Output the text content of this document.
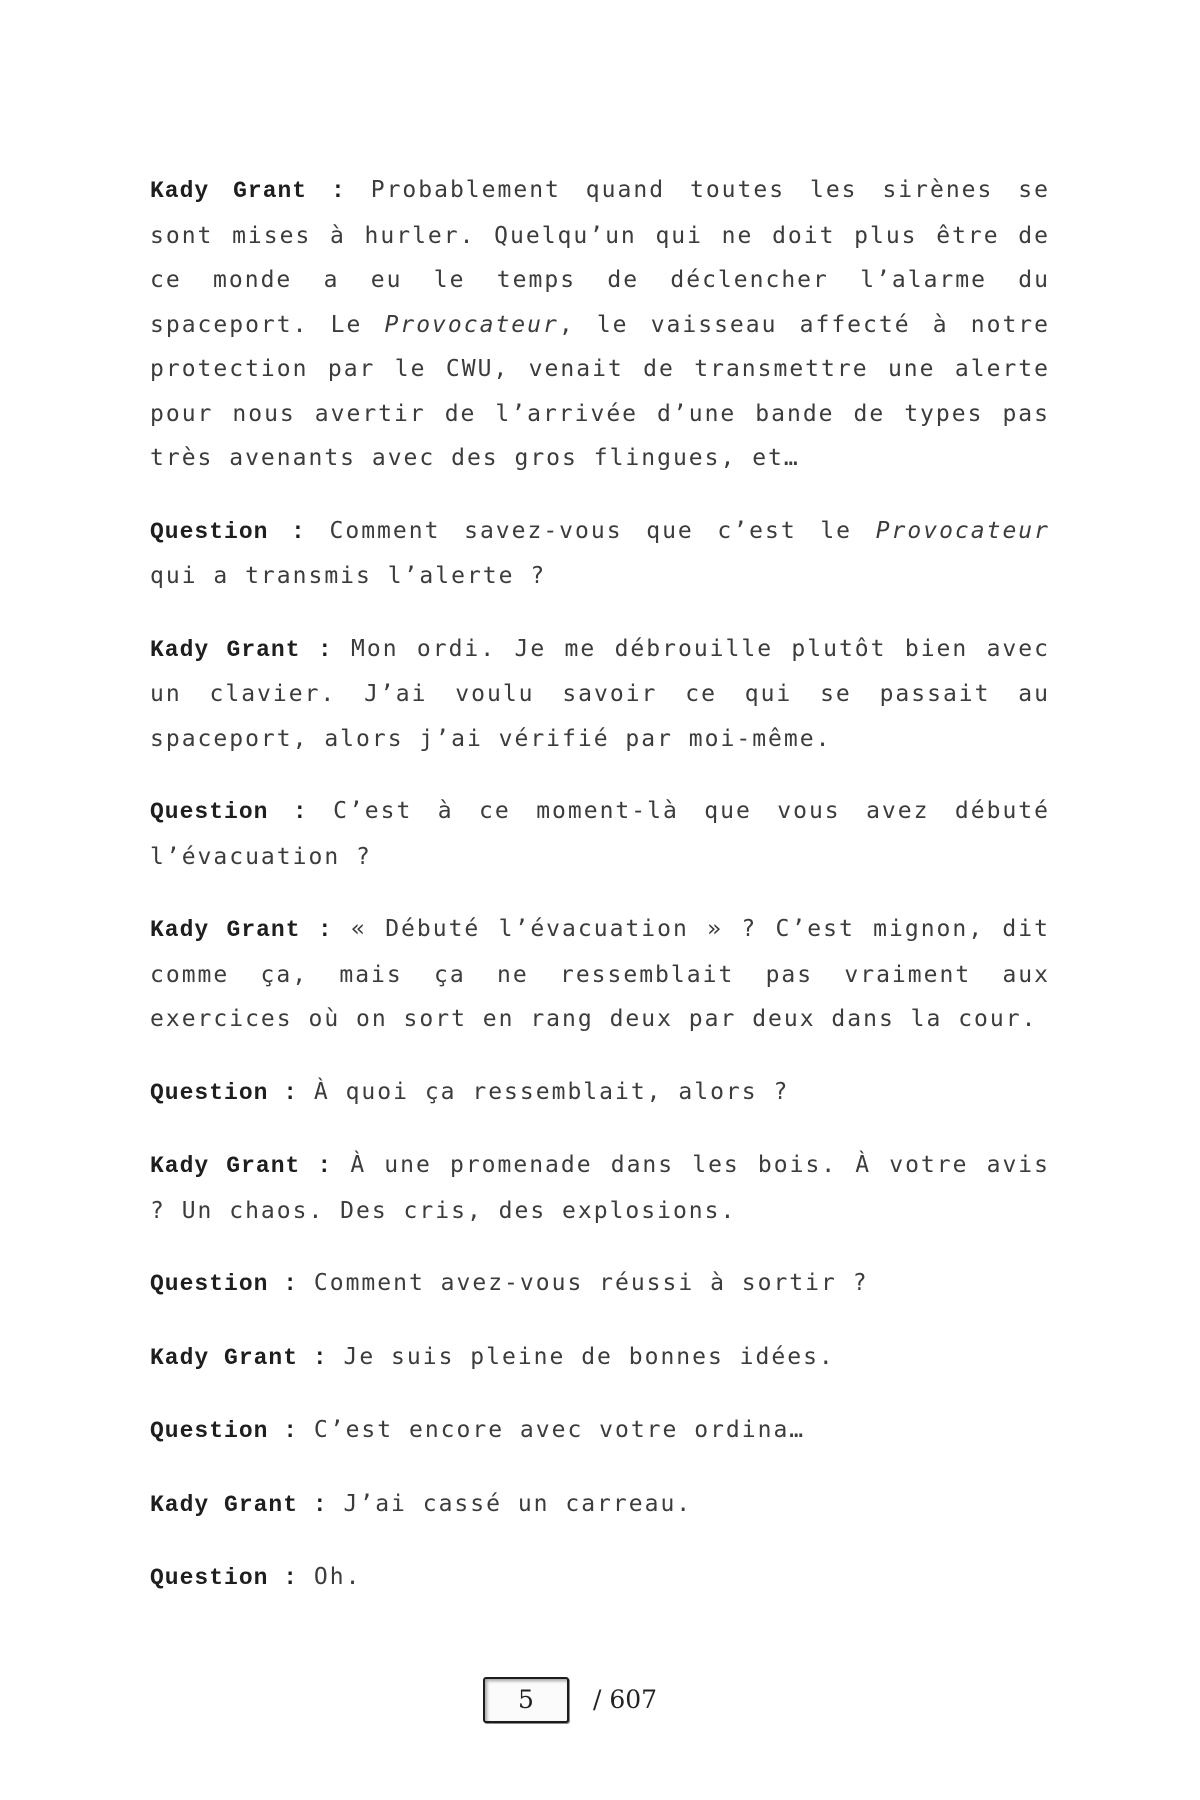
Kady Grant : Probablement quand toutes les sirènes se sont mises à hurler. Quelqu’un qui ne doit plus être de ce monde a eu le temps de déclencher l’alarme du spaceport. Le Provocateur, le vaisseau affecté à notre protection par le CWU, venait de transmettre une alerte pour nous avertir de l’arrivée d’une bande de types pas très avenants avec des gros flingues, et…

Question : Comment savez-vous que c’est le Provocateur qui a transmis l’alerte ?

Kady Grant : Mon ordi. Je me débrouille plutôt bien avec un clavier. J’ai voulu savoir ce qui se passait au spaceport, alors j’ai vérifié par moi-même.

Question : C’est à ce moment-là que vous avez débuté l’évacuation ?

Kady Grant : « Débuté l’évacuation » ? C’est mignon, dit comme ça, mais ça ne ressemblait pas vraiment aux exercices où on sort en rang deux par deux dans la cour.

Question : À quoi ça ressemblait, alors ?

Kady Grant : À une promenade dans les bois. À votre avis ? Un chaos. Des cris, des explosions.

Question : Comment avez-vous réussi à sortir ?

Kady Grant : Je suis pleine de bonnes idées.

Question : C’est encore avec votre ordina…

Kady Grant : J’ai cassé un carreau.

Question : Oh.

5	/ 607
